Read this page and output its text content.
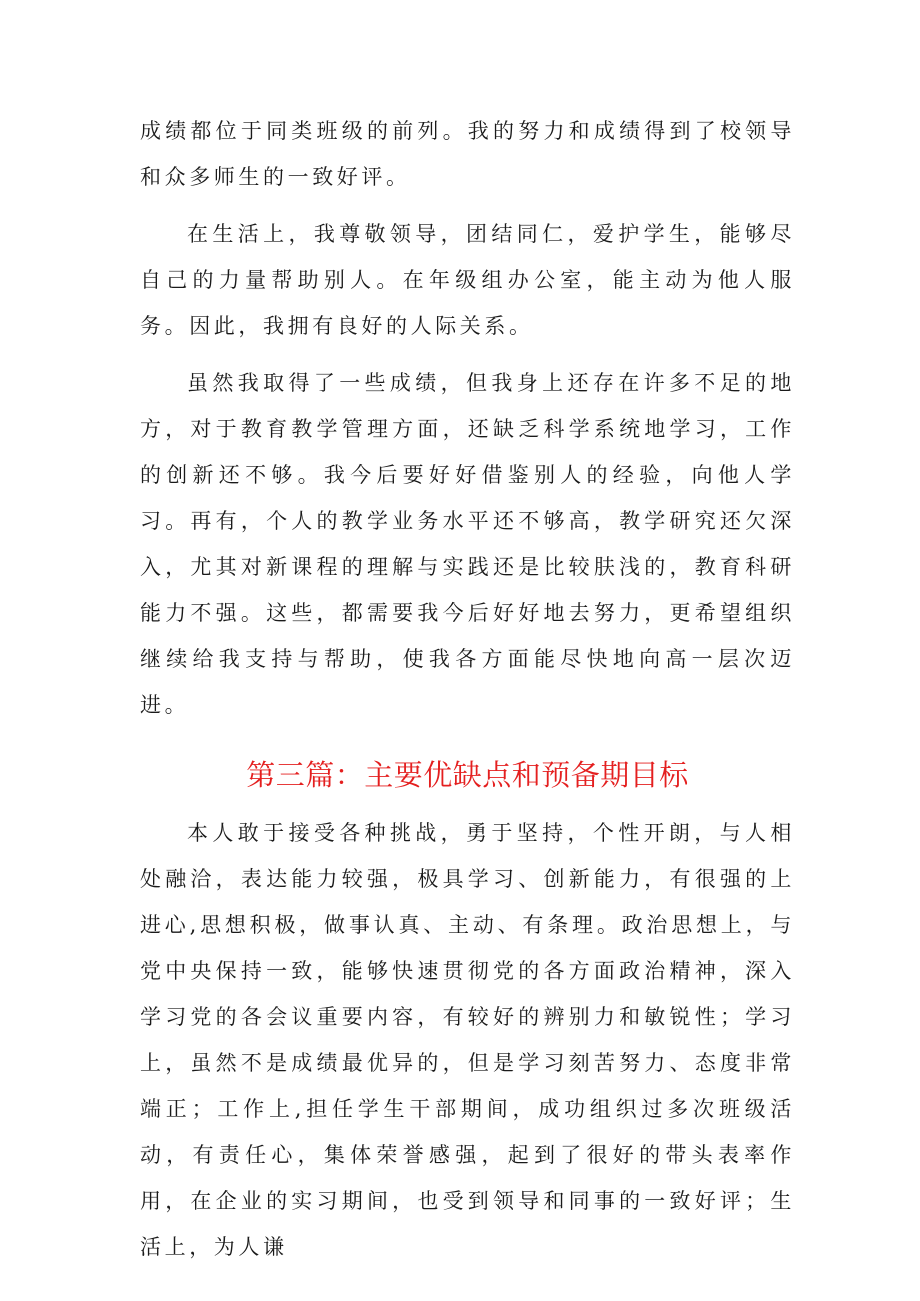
成绩都位于同类班级的前列。我的努力和成绩得到了校领导和众多师生的一致好评。

在生活上，我尊敬领导，团结同仁，爱护学生，能够尽自己的力量帮助别人。在年级组办公室，能主动为他人服务。因此，我拥有良好的人际关系。

虽然我取得了一些成绩，但我身上还存在许多不足的地方，对于教育教学管理方面，还缺乏科学系统地学习，工作的创新还不够。我今后要好好借鉴别人的经验，向他人学习。再有，个人的教学业务水平还不够高，教学研究还欠深入，尤其对新课程的理解与实践还是比较肤浅的，教育科研能力不强。这些，都需要我今后好好地去努力，更希望组织继续给我支持与帮助，使我各方面能尽快地向高一层次迈进。

第三篇：主要优缺点和预备期目标

本人敢于接受各种挑战，勇于坚持，个性开朗，与人相处融洽，表达能力较强，极具学习、创新能力，有很强的上进心,思想积极，做事认真、主动、有条理。政治思想上，与党中央保持一致，能够快速贯彻党的各方面政治精神，深入学习党的各会议重要内容，有较好的辨别力和敏锐性；学习上，虽然不是成绩最优异的，但是学习刻苦努力、态度非常端正；工作上,担任学生干部期间，成功组织过多次班级活动，有责任心，集体荣誉感强，起到了很好的带头表率作用，在企业的实习期间，也受到领导和同事的一致好评；生活上，为人谦
